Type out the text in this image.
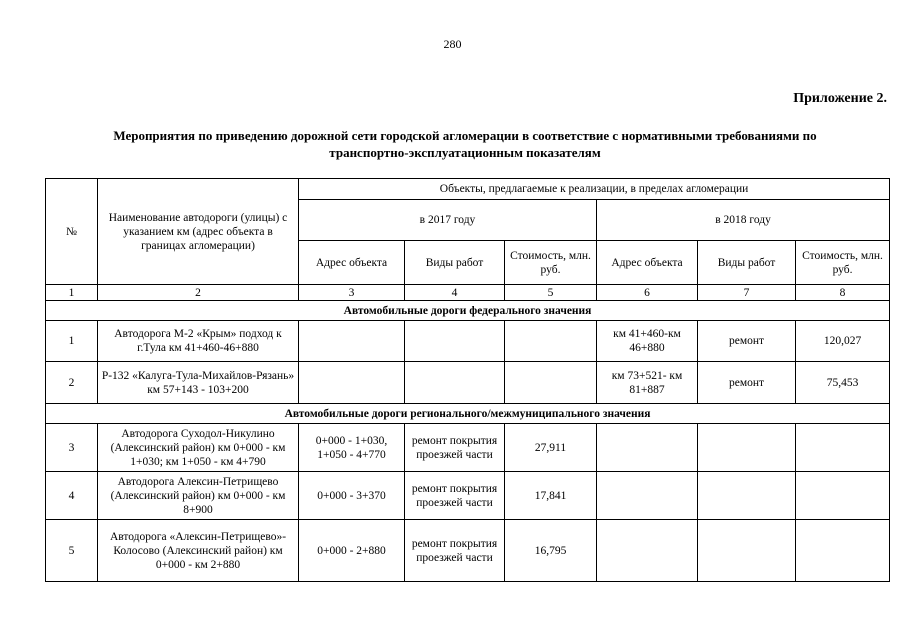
280
Приложение 2.
Мероприятия по приведению дорожной сети городской агломерации в соответствие с нормативными требованиями по
транспортно-эксплуатационным показателям
№	Наименование автодороги (улицы) с указанием км (адрес объекта в границах агломерации)	Объекты, предлагаемые к реализации, в пределах агломерации					
		в 2017 году			в 2018 году		
		Адрес объекта	Виды работ	Стоимость, млн. руб.	Адрес объекта	Виды работ	Стоимость, млн. руб.
1	2	3	4	5	6	7	8
Автомобильные дороги федерального значения							
1	Автодорога М-2 «Крым» подход к г.Тула км 41+460-46+880				км 41+460-км 46+880	ремонт	120,027
2	Р-132 «Калуга-Тула-Михайлов-Рязань» км 57+143 - 103+200				км 73+521- км 81+887	ремонт	75,453
Автомобильные дороги регионального/межмуниципального значения							
3	Автодорога Суходол-Никулино (Алексинский район) км 0+000 - км 1+030; км 1+050 - км 4+790	0+000 - 1+030, 1+050 - 4+770	ремонт покрытия проезжей части	27,911			
4	Автодорога Алексин-Петрищево (Алексинский район) км 0+000 - км 8+900	0+000 - 3+370	ремонт покрытия проезжей части	17,841			
5	Автодорога «Алексин-Петрищево»-Колосово (Алексинский район) км 0+000 - км 2+880	0+000 - 2+880	ремонт покрытия проезжей части	16,795			
